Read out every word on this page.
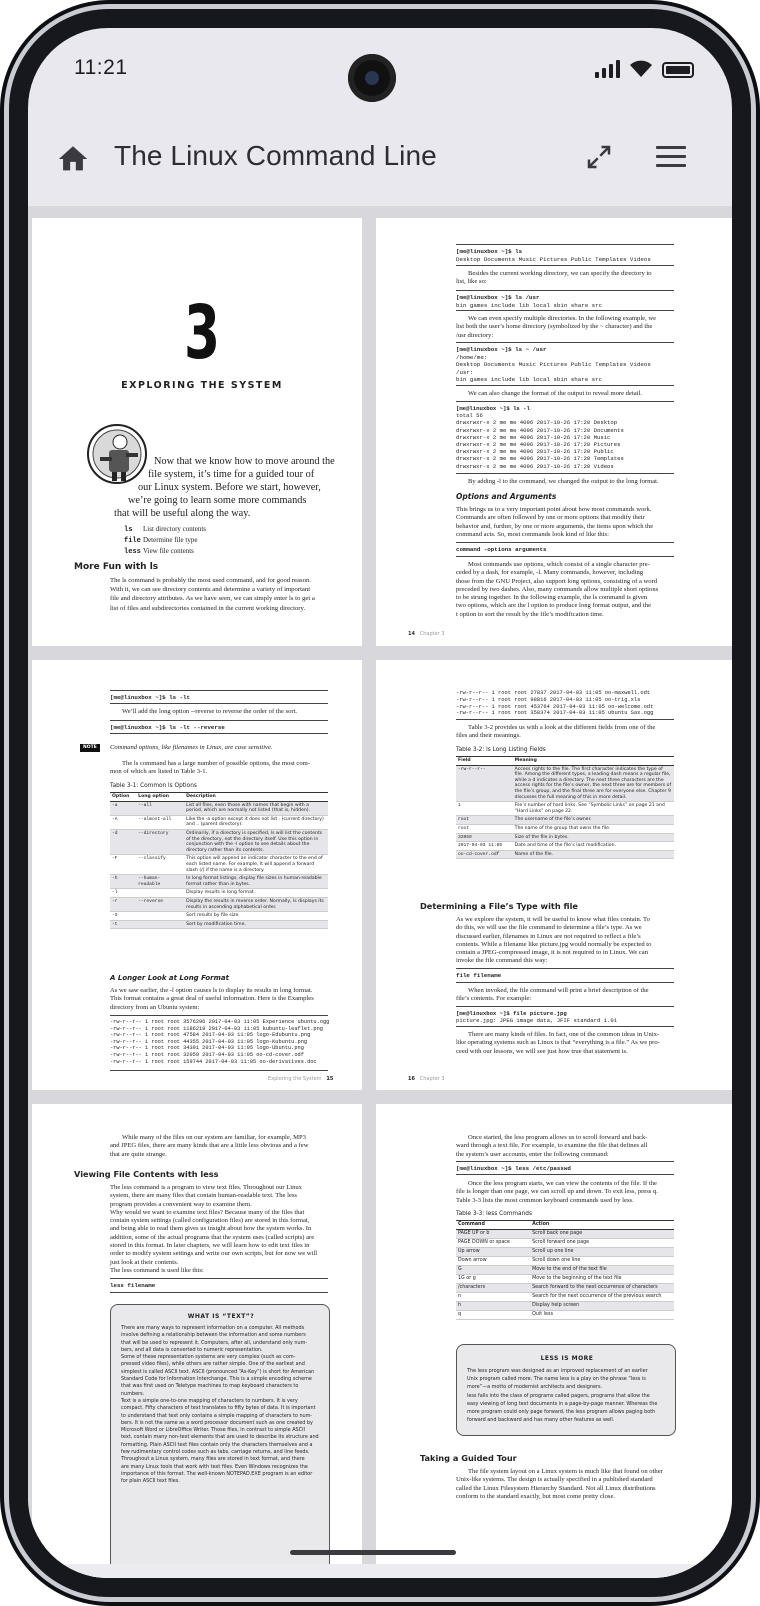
11:21
The Linux Command Line
3
EXPLORING THE SYSTEM
Now that we know how to move around the
file system, it’s time for a guided tour of
our Linux system. Before we start, however,
we’re going to learn some more commands
that will be useful along the way.
ls List directory contents
file Determine file type
less View file contents
More Fun with ls
The ls command is probably the most used command, and for good reason.
With it, we can see directory contents and determine a variety of important
file and directory attributes. As we have seen, we can simply enter ls to get a
list of files and subdirectories contained in the current working directory.
[me@linuxbox ~]$ ls
Desktop Documents Music Pictures Public Templates Videos
Besides the current working directory, we can specify the directory to
list, like so:
[me@linuxbox ~]$ ls /usr
bin games include lib local sbin share src
We can even specify multiple directories. In the following example, we
list both the user’s home directory (symbolized by the ~ character) and the
/usr directory:
[me@linuxbox ~]$ ls ~ /usr
/home/me:
Desktop Documents Music Pictures Public Templates Videos
/usr:
bin games include lib local sbin share src
We can also change the format of the output to reveal more detail.
[me@linuxbox ~]$ ls -l
total 56
drwxrwxr-x 2 me me 4096 2017-10-26 17:20 Desktop
drwxrwxr-x 2 me me 4096 2017-10-26 17:20 Documents
drwxrwxr-x 2 me me 4096 2017-10-26 17:20 Music
drwxrwxr-x 2 me me 4096 2017-10-26 17:20 Pictures
drwxrwxr-x 2 me me 4096 2017-10-26 17:20 Public
drwxrwxr-x 2 me me 4096 2017-10-26 17:20 Templates
drwxrwxr-x 2 me me 4096 2017-10-26 17:20 Videos
By adding -l to the command, we changed the output to the long format.
Options and Arguments
This brings us to a very important point about how most commands work.
Commands are often followed by one or more options that modify their
behavior and, further, by one or more arguments, the items upon which the
command acts. So, most commands look kind of like this:
command -options arguments
Most commands use options, which consist of a single character pre-
ceded by a dash, for example, -l. Many commands, however, including
those from the GNU Project, also support long options, consisting of a word
preceded by two dashes. Also, many commands allow multiple short options
to be strung together. In the following example, the ls command is given
two options, which are the l option to produce long format output, and the
t option to sort the result by the file’s modification time.
14 Chapter 3
[me@linuxbox ~]$ ls -lt
We’ll add the long option --reverse to reverse the order of the sort.
[me@linuxbox ~]$ ls -lt --reverse
NOTE	Command options, like filenames in Linux, are case sensitive.
The ls command has a large number of possible options, the most com-
mon of which are listed in Table 3-1.
Table 3-1: Common ls Options
Option	Long option	Description
-a	--all	List all files, even those with names that begin with a period, which are normally not listed (that is, hidden).
-A	--almost-all	Like the -a option except it does not list . (current directory) and .. (parent directory).
-d	--directory	Ordinarily, if a directory is specified, ls will list the contents of the directory, not the directory itself. Use this option in conjunction with the -l option to see details about the directory rather than its contents.
-F	--classify	This option will append an indicator character to the end of each listed name. For example, it will append a forward slash (/) if the name is a directory.
-h	--human-readable	In long format listings, display file sizes in human-readable format rather than in bytes.
-l		Display results in long format.
-r	--reverse	Display the results in reverse order. Normally, ls displays its results in ascending alphabetical order.
-S		Sort results by file size.
-t		Sort by modification time.
A Longer Look at Long Format
As we saw earlier, the -l option causes ls to display its results in long format.
This format contains a great deal of useful information. Here is the Examples
directory from an Ubuntu system:
-rw-r--r-- 1 root root 3576296 2017-04-03 11:05 Experience ubuntu.ogg
-rw-r--r-- 1 root root 1186219 2017-04-03 11:05 kubuntu-leaflet.png
-rw-r--r-- 1 root root 47584 2017-04-03 11:05 logo-Edubuntu.png
-rw-r--r-- 1 root root 44355 2017-04-03 11:05 logo-Kubuntu.png
-rw-r--r-- 1 root root 34391 2017-04-03 11:05 logo-Ubuntu.png
-rw-r--r-- 1 root root 32059 2017-04-03 11:05 oo-cd-cover.odf
-rw-r--r-- 1 root root 159744 2017-04-03 11:05 oo-derivatives.doc
Exploring the System 15
-rw-r--r-- 1 root root 27837 2017-04-03 11:05 oo-maxwell.odt
-rw-r--r-- 1 root root 98816 2017-04-03 11:05 oo-trig.xls
-rw-r--r-- 1 root root 453764 2017-04-03 11:05 oo-welcome.odt
-rw-r--r-- 1 root root 358374 2017-04-03 11:05 ubuntu Sax.ogg
Table 3-2 provides us with a look at the different fields from one of the
files and their meanings.
Table 3-2: ls Long Listing Fields
Field	Meaning
-rw-r--r--	Access rights to the file. The first character indicates the type of file. Among the different types, a leading dash means a regular file, while a d indicates a directory. The next three characters are the access rights for the file’s owner, the next three are for members of the file’s group, and the final three are for everyone else. Chapter 9 discusses the full meaning of this in more detail.
1	File’s number of hard links. See “Symbolic Links” on page 21 and “Hard Links” on page 22.
root	The username of the file’s owner.
root	The name of the group that owns the file.
32059	Size of the file in bytes.
2017-04-03 11:05	Date and time of the file’s last modification.
oo-cd-cover.odf	Name of the file.
Determining a File’s Type with file
As we explore the system, it will be useful to know what files contain. To
do this, we will use the file command to determine a file’s type. As we
discussed earlier, filenames in Linux are not required to reflect a file’s
contents. While a filename like picture.jpg would normally be expected to
contain a JPEG-compressed image, it is not required to in Linux. We can
invoke the file command this way:
file filename
When invoked, the file command will print a brief description of the
file’s contents. For example:
[me@linuxbox ~]$ file picture.jpg
picture.jpg: JPEG image data, JFIF standard 1.01
There are many kinds of files. In fact, one of the common ideas in Unix-
like operating systems such as Linux is that “everything is a file.” As we pro-
ceed with our lessons, we will see just how true that statement is.
16 Chapter 3
While many of the files on our system are familiar, for example, MP3
and JPEG files, there are many kinds that are a little less obvious and a few
that are quite strange.
Viewing File Contents with less
The less command is a program to view text files. Throughout our Linux
system, there are many files that contain human-readable text. The less
program provides a convenient way to examine them.
Why would we want to examine text files? Because many of the files that
contain system settings (called configuration files) are stored in this format,
and being able to read them gives us insight about how the system works. In
addition, some of the actual programs that the system uses (called scripts) are
stored in this format. In later chapters, we will learn how to edit text files in
order to modify system settings and write our own scripts, but for now we will
just look at their contents.
The less command is used like this:
less filename
WHAT IS “TEXT”?
There are many ways to represent information on a computer. All methods
involve defining a relationship between the information and some numbers
that will be used to represent it. Computers, after all, understand only num-
bers, and all data is converted to numeric representation.
Some of these representation systems are very complex (such as com-
pressed video files), while others are rather simple. One of the earliest and
simplest is called ASCII text. ASCII (pronounced “As-Key”) is short for American
Standard Code for Information Interchange. This is a simple encoding scheme
that was first used on Teletype machines to map keyboard characters to
numbers.
Text is a simple one-to-one mapping of characters to numbers. It is very
compact. Fifty characters of text translates to fifty bytes of data. It is important
to understand that text only contains a simple mapping of characters to num-
bers. It is not the same as a word processor document such as one created by
Microsoft Word or LibreOffice Writer. Those files, in contrast to simple ASCII
text, contain many non-text elements that are used to describe its structure and
formatting. Plain ASCII text files contain only the characters themselves and a
few rudimentary control codes such as tabs, carriage returns, and line feeds.
Throughout a Linux system, many files are stored in text format, and there
are many Linux tools that work with text files. Even Windows recognizes the
importance of this format. The well-known NOTEPAD.EXE program is an editor
for plain ASCII text files.
Once started, the less program allows us to scroll forward and back-
ward through a text file. For example, to examine the file that defines all
the system’s user accounts, enter the following command:
[me@linuxbox ~]$ less /etc/passwd
Once the less program starts, we can view the contents of the file. If the
file is longer than one page, we can scroll up and down. To exit less, press q.
Table 3-3 lists the most common keyboard commands used by less.
Table 3-3: less Commands
Command	Action
PAGE UP or b	Scroll back one page
PAGE DOWN or space	Scroll forward one page
Up arrow	Scroll up one line
Down arrow	Scroll down one line
G	Move to the end of the text file
1G or g	Move to the beginning of the text file
/characters	Search forward to the next occurrence of characters
n	Search for the next occurrence of the previous search
h	Display help screen
q	Quit less
LESS IS MORE
The less program was designed as an improved replacement of an earlier
Unix program called more. The name less is a play on the phrase “less is
more”—a motto of modernist architects and designers.
less falls into the class of programs called pagers, programs that allow the
easy viewing of long text documents in a page-by-page manner. Whereas the
more program could only page forward, the less program allows paging both
forward and backward and has many other features as well.
Taking a Guided Tour
The file system layout on a Linux system is much like that found on other
Unix-like systems. The design is actually specified in a published standard
called the Linux Filesystem Hierarchy Standard. Not all Linux distributions
conform to the standard exactly, but most come pretty close.
